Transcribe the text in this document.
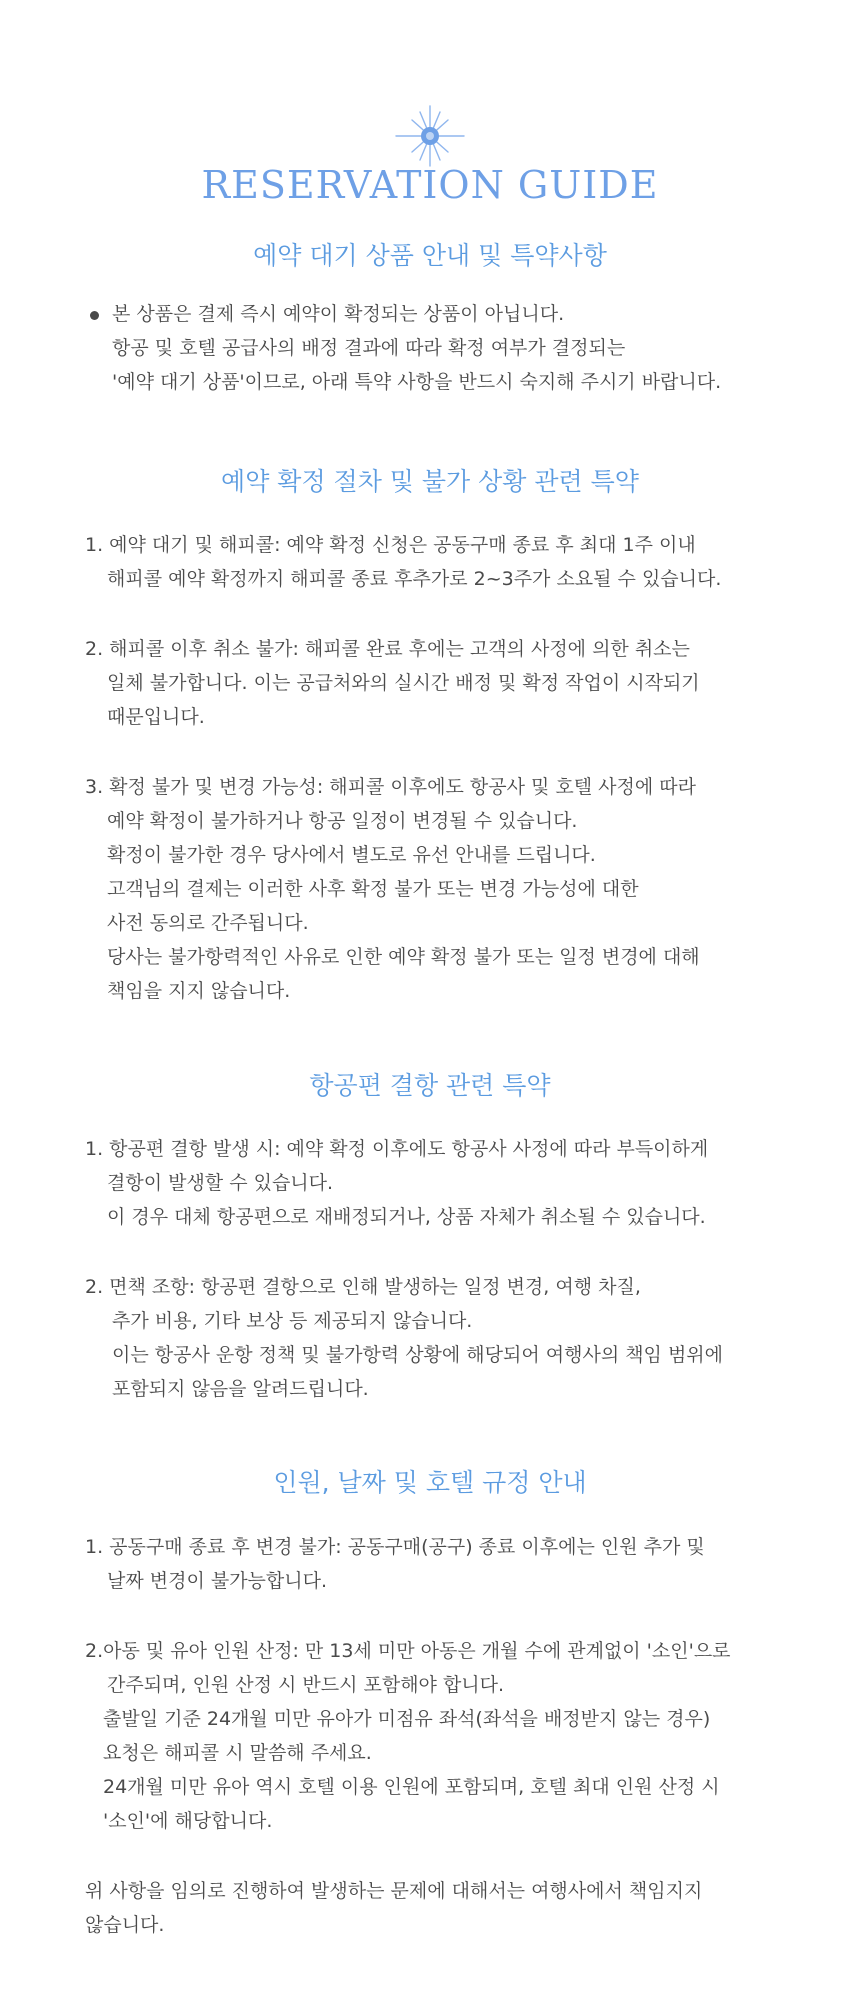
RESERVATION GUIDE
예약 대기 상품 안내 및 특약사항

본 상품은 결제 즉시 예약이 확정되는 상품이 아닙니다.

항공 및 호텔 공급사의 배정 결과에 따라 확정 여부가 결정되는

'예약 대기 상품'이므로, 아래 특약 사항을 반드시 숙지해 주시기 바랍니다.

예약 확정 절차 및 불가 상황 관련 특약

1. 예약 대기 및 해피콜: 예약 확정 신청은 공동구매 종료 후 최대 1주 이내

해피콜 예약 확정까지 해피콜 종료 후추가로 2~3주가 소요될 수 있습니다.

2. 해피콜 이후 취소 불가: 해피콜 완료 후에는 고객의 사정에 의한 취소는

일체 불가합니다. 이는 공급처와의 실시간 배정 및 확정 작업이 시작되기

때문입니다.

3. 확정 불가 및 변경 가능성: 해피콜 이후에도 항공사 및 호텔 사정에 따라

예약 확정이 불가하거나 항공 일정이 변경될 수 있습니다.

확정이 불가한 경우 당사에서 별도로 유선 안내를 드립니다.

고객님의 결제는 이러한 사후 확정 불가 또는 변경 가능성에 대한

사전 동의로 간주됩니다.

당사는 불가항력적인 사유로 인한 예약 확정 불가 또는 일정 변경에 대해

책임을 지지 않습니다.

항공편 결항 관련 특약

1. 항공편 결항 발생 시: 예약 확정 이후에도 항공사 사정에 따라 부득이하게

결항이 발생할 수 있습니다.

이 경우 대체 항공편으로 재배정되거나, 상품 자체가 취소될 수 있습니다.

2. 면책 조항: 항공편 결항으로 인해 발생하는 일정 변경, 여행 차질,

추가 비용, 기타 보상 등 제공되지 않습니다.

이는 항공사 운항 정책 및 불가항력 상황에 해당되어 여행사의 책임 범위에

포함되지 않음을 알려드립니다.

인원, 날짜 및 호텔 규정 안내

1. 공동구매 종료 후 변경 불가: 공동구매(공구) 종료 이후에는 인원 추가 및

날짜 변경이 불가능합니다.

2.아동 및 유아 인원 산정: 만 13세 미만 아동은 개월 수에 관계없이 '소인'으로

간주되며, 인원 산정 시 반드시 포함해야 합니다.

출발일 기준 24개월 미만 유아가 미점유 좌석(좌석을 배정받지 않는 경우)

요청은 해피콜 시 말씀해 주세요.

24개월 미만 유아 역시 호텔 이용 인원에 포함되며, 호텔 최대 인원 산정 시

'소인'에 해당합니다.

위 사항을 임의로 진행하여 발생하는 문제에 대해서는 여행사에서 책임지지

않습니다.
